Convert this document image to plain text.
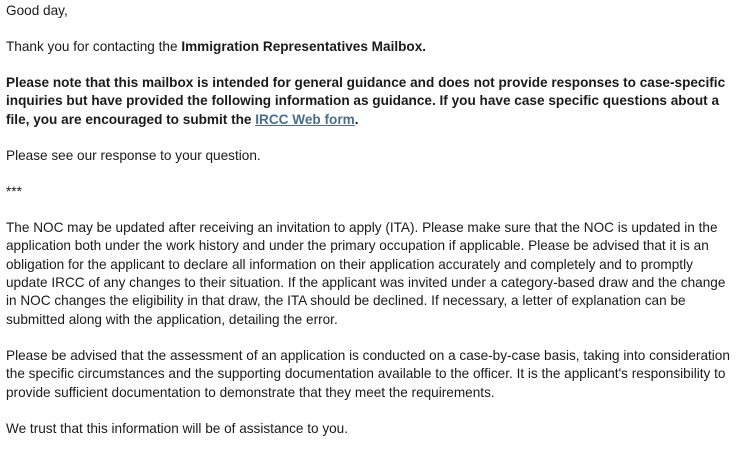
Good day,

Thank you for contacting the Immigration Representatives Mailbox.

Please note that this mailbox is intended for general guidance and does not provide responses to case-specific inquiries but have provided the following information as guidance. If you have case specific questions about a file, you are encouraged to submit the IRCC Web form.

Please see our response to your question.

***

The NOC may be updated after receiving an invitation to apply (ITA). Please make sure that the NOC is updated in the application both under the work history and under the primary occupation if applicable. Please be advised that it is an obligation for the applicant to declare all information on their application accurately and completely and to promptly update IRCC of any changes to their situation. If the applicant was invited under a category-based draw and the change in NOC changes the eligibility in that draw, the ITA should be declined. If necessary, a letter of explanation can be submitted along with the application, detailing the error.

Please be advised that the assessment of an application is conducted on a case-by-case basis, taking into consideration the specific circumstances and the supporting documentation available to the officer. It is the applicant's responsibility to provide sufficient documentation to demonstrate that they meet the requirements.

We trust that this information will be of assistance to you.
